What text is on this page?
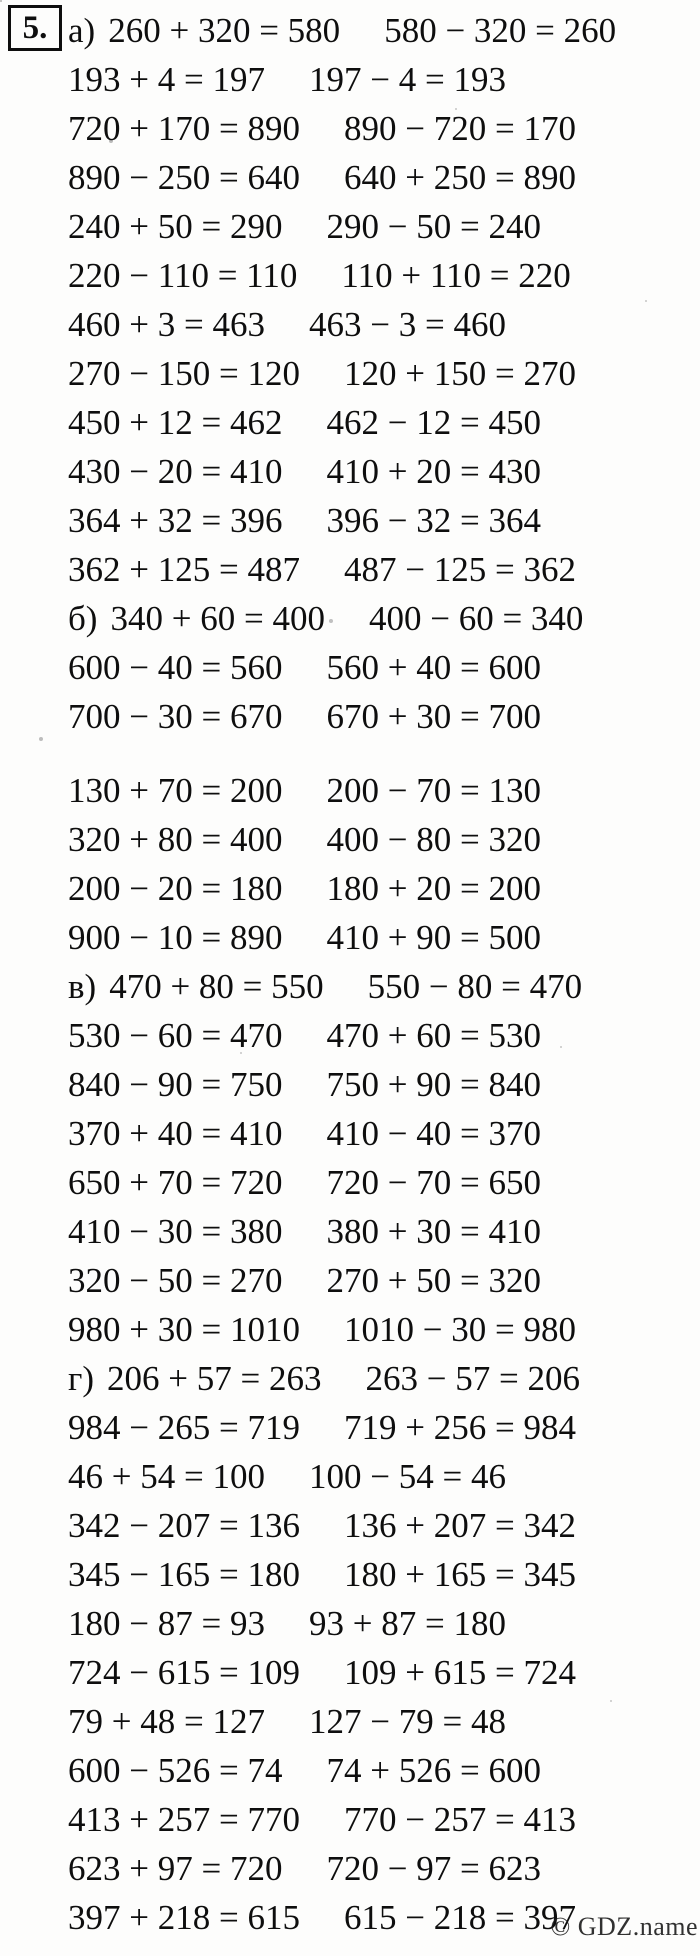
5. а) 260 + 320 = 580 580 − 320 = 260
193 + 4 = 197 197 − 4 = 193
720 + 170 = 890 890 − 720 = 170
890 − 250 = 640 640 + 250 = 890
240 + 50 = 290 290 − 50 = 240
220 − 110 = 110 110 + 110 = 220
460 + 3 = 463 463 − 3 = 460
270 − 150 = 120 120 + 150 = 270
450 + 12 = 462 462 − 12 = 450
430 − 20 = 410 410 + 20 = 430
364 + 32 = 396 396 − 32 = 364
362 + 125 = 487 487 − 125 = 362
б) 340 + 60 = 400 400 − 60 = 340
600 − 40 = 560 560 + 40 = 600
700 − 30 = 670 670 + 30 = 700
130 + 70 = 200 200 − 70 = 130
320 + 80 = 400 400 − 80 = 320
200 − 20 = 180 180 + 20 = 200
900 − 10 = 890 410 + 90 = 500
в) 470 + 80 = 550 550 − 80 = 470
530 − 60 = 470 470 + 60 = 530
840 − 90 = 750 750 + 90 = 840
370 + 40 = 410 410 − 40 = 370
650 + 70 = 720 720 − 70 = 650
410 − 30 = 380 380 + 30 = 410
320 − 50 = 270 270 + 50 = 320
980 + 30 = 1010 1010 − 30 = 980
г) 206 + 57 = 263 263 − 57 = 206
984 − 265 = 719 719 + 256 = 984
46 + 54 = 100 100 − 54 = 46
342 − 207 = 136 136 + 207 = 342
345 − 165 = 180 180 + 165 = 345
180 − 87 = 93 93 + 87 = 180
724 − 615 = 109 109 + 615 = 724
79 + 48 = 127 127 − 79 = 48
600 − 526 = 74 74 + 526 = 600
413 + 257 = 770 770 − 257 = 413
623 + 97 = 720 720 − 97 = 623
397 + 218 = 615 615 − 218 = 397
© GDZ.name
